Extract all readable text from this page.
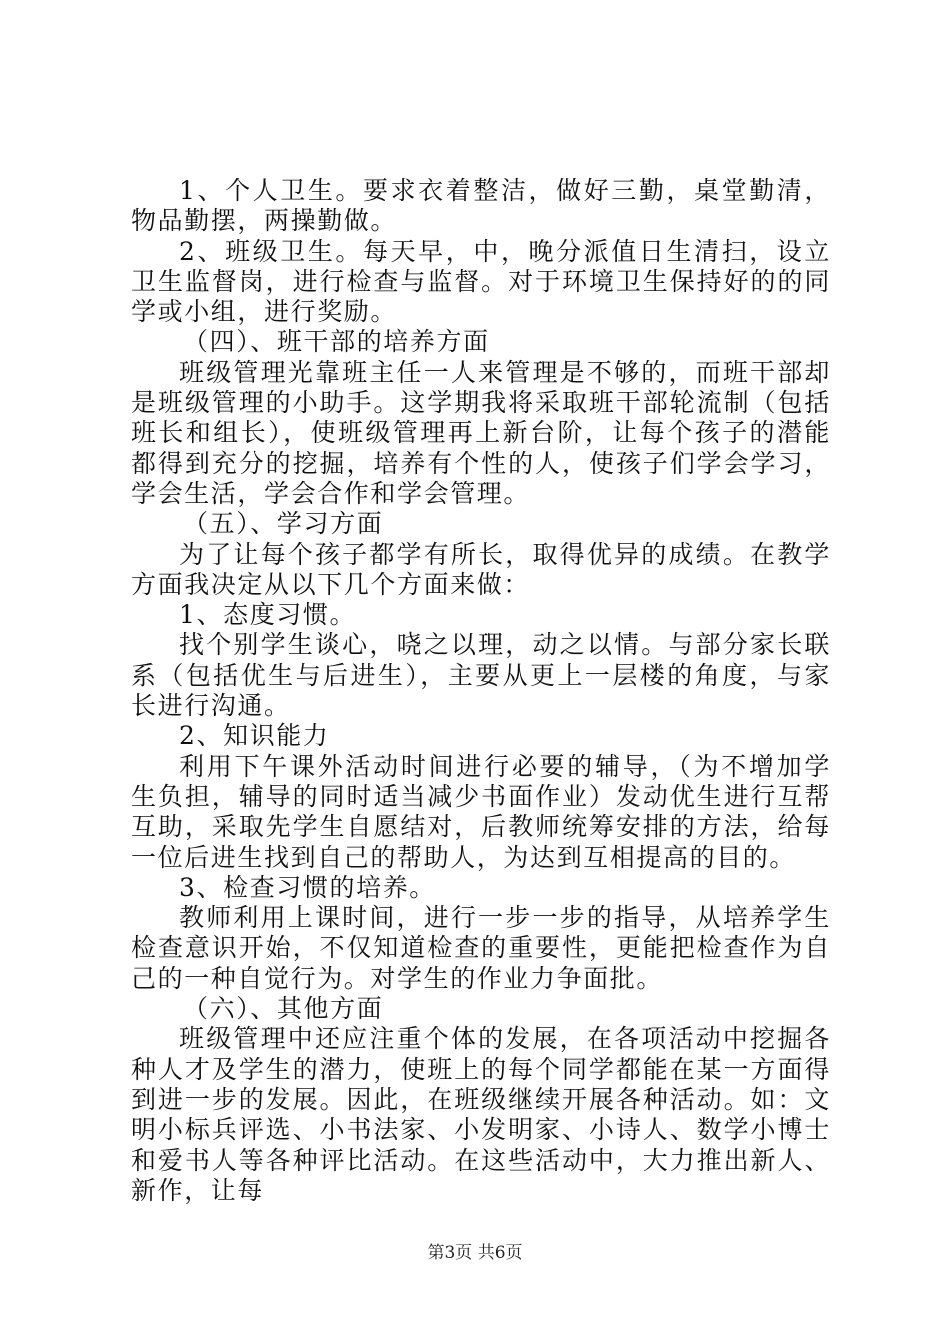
1、个人卫生。要求衣着整洁，做好三勤，桌堂勤清，物品勤摆，两操勤做。
2、班级卫生。每天早，中，晚分派值日生清扫，设立卫生监督岗，进行检查与监督。对于环境卫生保持好的的同学或小组，进行奖励。
（四）、班干部的培养方面
班级管理光靠班主任一人来管理是不够的，而班干部却是班级管理的小助手。这学期我将采取班干部轮流制（包括班长和组长），使班级管理再上新台阶，让每个孩子的潜能都得到充分的挖掘，培养有个性的人，使孩子们学会学习，学会生活，学会合作和学会管理。
（五）、学习方面
为了让每个孩子都学有所长，取得优异的成绩。在教学方面我决定从以下几个方面来做：
1、态度习惯。
找个别学生谈心，哓之以理，动之以情。与部分家长联系（包括优生与后进生），主要从更上一层楼的角度，与家长进行沟通。
2、知识能力
利用下午课外活动时间进行必要的辅导，（为不增加学生负担，辅导的同时适当减少书面作业）发动优生进行互帮互助，采取先学生自愿结对，后教师统筹安排的方法，给每一位后进生找到自己的帮助人，为达到互相提高的目的。
3、检查习惯的培养。
教师利用上课时间，进行一步一步的指导，从培养学生检查意识开始，不仅知道检查的重要性，更能把检查作为自己的一种自觉行为。对学生的作业力争面批。
（六）、其他方面
班级管理中还应注重个体的发展，在各项活动中挖掘各种人才及学生的潜力，使班上的每个同学都能在某一方面得到进一步的发展。因此，在班级继续开展各种活动。如：文明小标兵评选、小书法家、小发明家、小诗人、数学小博士和爱书人等各种评比活动。在这些活动中，大力推出新人、新作，让每
第3页 共6页
